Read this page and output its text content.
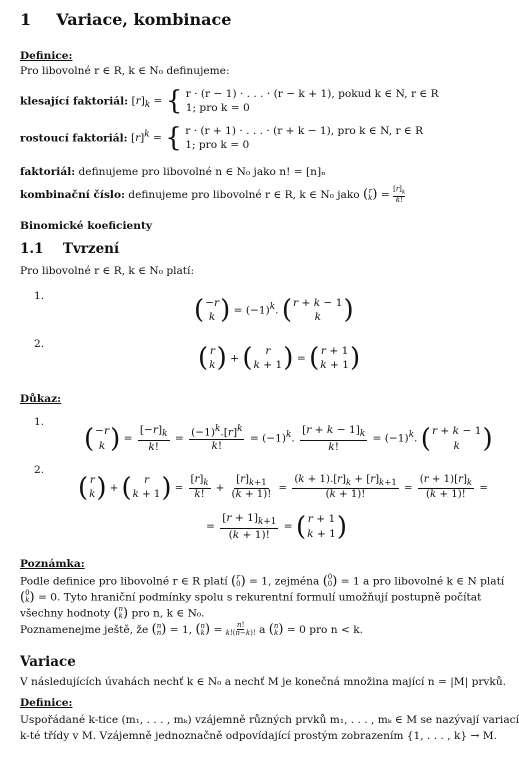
1 Variace, kombinace
Definice:
Pro libovolné r ∈ R, k ∈ N₀ definujeme:
klesající faktoriál: $[r]_k$ = { r · (r − 1) · . . . · (r − k + 1), pokud k ∈ N, r ∈ R
1; pro k = 0
rostoucí faktoriál: $[r]^k$ = { r · (r + 1) · . . . · (r + k − 1), pro k ∈ N, r ∈ R
1; pro k = 0
faktoriál: definujeme pro libovolné n ∈ N₀ jako n! = [n]ₙ
kombinační číslo: definujeme pro libovolné r ∈ R, k ∈ N₀ jako ( r
k ) = $\frac{[r]_k}{k!}$
Binomické koeficienty
1.1 Tvrzení
Pro libovolné r ∈ R, k ∈ N₀ platí:
1.	( −r
k ) = $(-1)^k$. ( r + k − 1
k )
2.	( r
k ) + ( r
k + 1 ) = ( r + 1
k + 1 )
Důkaz:
1.
( −r
k ) = $\frac{[-r]_k}{k!} = \frac{(-1)^k.[r]^k}{k!} = (-1)^k$. $\frac{[r + k - 1]_k}{k!} = (-1)^k$. ( r + k − 1
k )
2.
( r
k ) + ( r
k + 1 ) = $\frac{[r]_k}{k!} + \frac{[r]_{k+1}}{(k + 1)!} = \frac{(k + 1).[r]_k + [r]_{k+1}}{(k + 1)!} = \frac{(r + 1)[r]_k}{(k + 1)!}$ =
= $\frac{[r + 1]_{k+1}}{(k + 1)!}$ = ( r + 1
k + 1 )
Poznámka:
Podle definice pro libovolné r ∈ R platí ( r
0 ) = 1, zejména ( 0
0 ) = 1 a pro libovolné k ∈ N platí
( 0
k ) = 0. Tyto hraniční podmínky spolu s rekurentní formulí umožňují postupně počítat
všechny hodnoty ( n
k ) pro n, k ∈ N₀.
Poznamenejme ještě, že ( n
n ) = 1, ( n
k ) = $\frac{n!}{k!(n-k)!}$ a ( n
k ) = 0 pro n < k.
Variace
V následujících úvahách nechť k ∈ N₀ a nechť M je konečná množina mající n = |M| prvků.
Definice:
Uspořádané k-tice (m₁, . . . , mₖ) vzájemně různých prvků m₁, . . . , mₖ ∈ M se nazývají variací
k-té třídy v M. Vzájemně jednoznačně odpovídající prostým zobrazením {1, . . . , k} → M.
